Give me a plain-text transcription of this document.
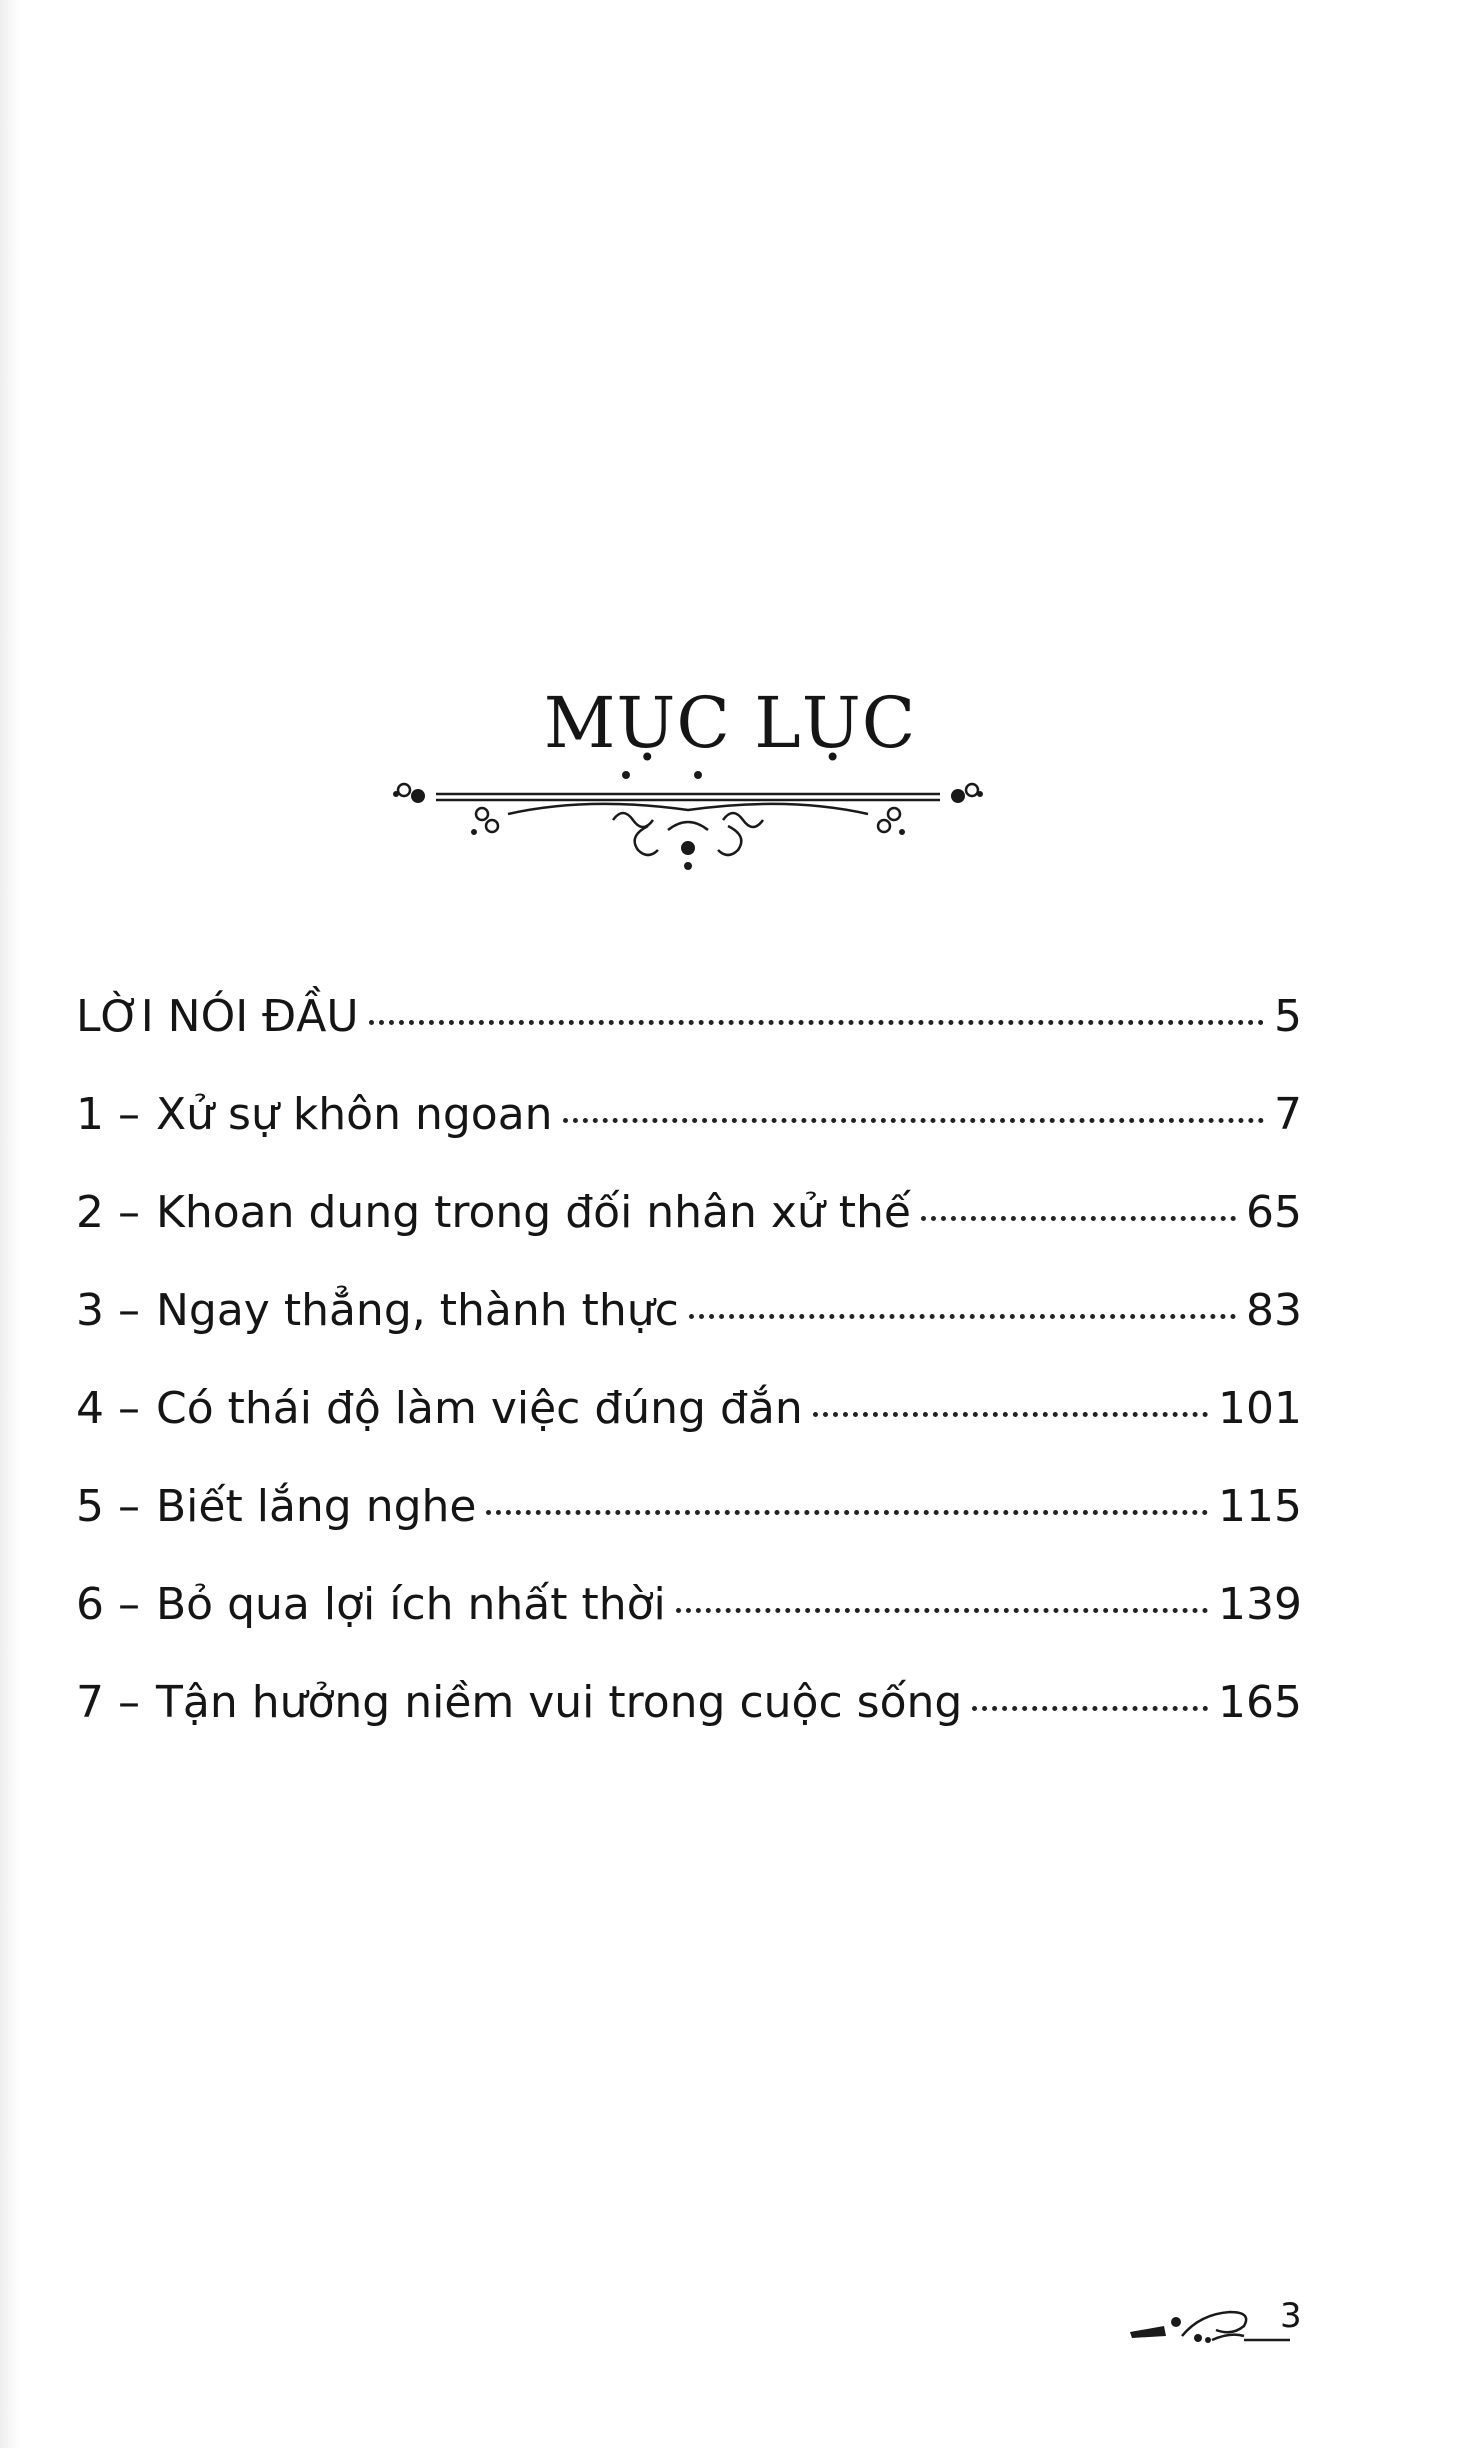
MỤC LỤC
LỜI NÓI ĐẦU	5
1 – Xử sự khôn ngoan	7
2 – Khoan dung trong đối nhân xử thế	65
3 – Ngay thẳng, thành thực	83
4 – Có thái độ làm việc đúng đắn	101
5 – Biết lắng nghe	115
6 – Bỏ qua lợi ích nhất thời	139
7 – Tận hưởng niềm vui trong cuộc sống	165
3
